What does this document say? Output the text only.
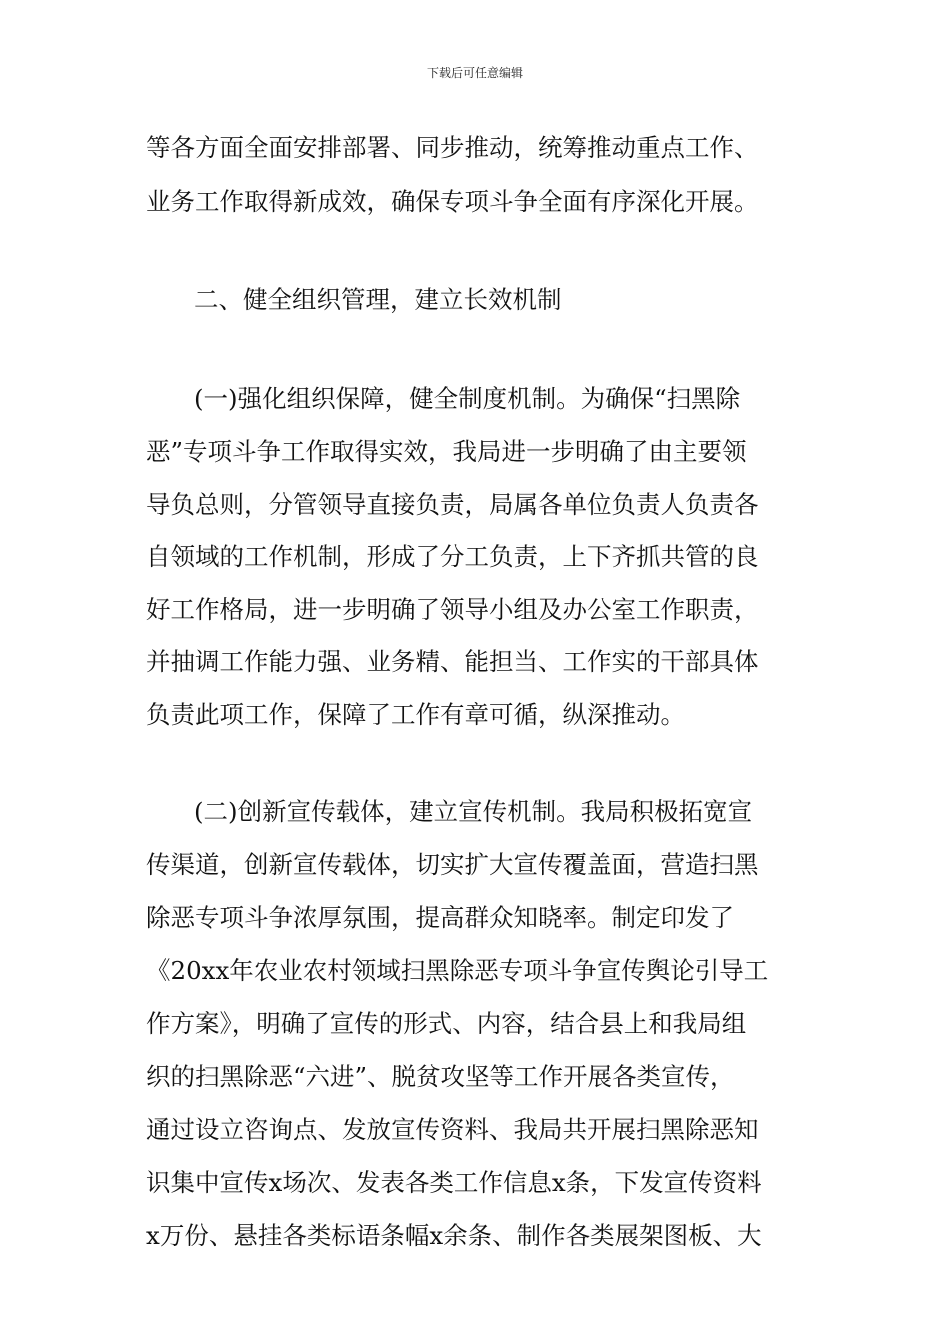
下载后可任意编辑
等各方面全面安排部署、同步推动，统筹推动重点工作、
业务工作取得新成效，确保专项斗争全面有序深化开展。
二、健全组织管理，建立长效机制
(一)强化组织保障，健全制度机制。为确保“扫黑除
恶”专项斗争工作取得实效，我局进一步明确了由主要领
导负总则，分管领导直接负责，局属各单位负责人负责各
自领域的工作机制，形成了分工负责，上下齐抓共管的良
好工作格局，进一步明确了领导小组及办公室工作职责，
并抽调工作能力强、业务精、能担当、工作实的干部具体
负责此项工作，保障了工作有章可循，纵深推动。
(二)创新宣传载体，建立宣传机制。我局积极拓宽宣
传渠道，创新宣传载体，切实扩大宣传覆盖面，营造扫黑
除恶专项斗争浓厚氛围，提高群众知晓率。制定印发了
《20xx年农业农村领域扫黑除恶专项斗争宣传舆论引导工
作方案》，明确了宣传的形式、内容，结合县上和我局组
织的扫黑除恶“六进”、脱贫攻坚等工作开展各类宣传，
通过设立咨询点、发放宣传资料、我局共开展扫黑除恶知
识集中宣传x场次、发表各类工作信息x条，下发宣传资料
x万份、悬挂各类标语条幅x余条、制作各类展架图板、大
